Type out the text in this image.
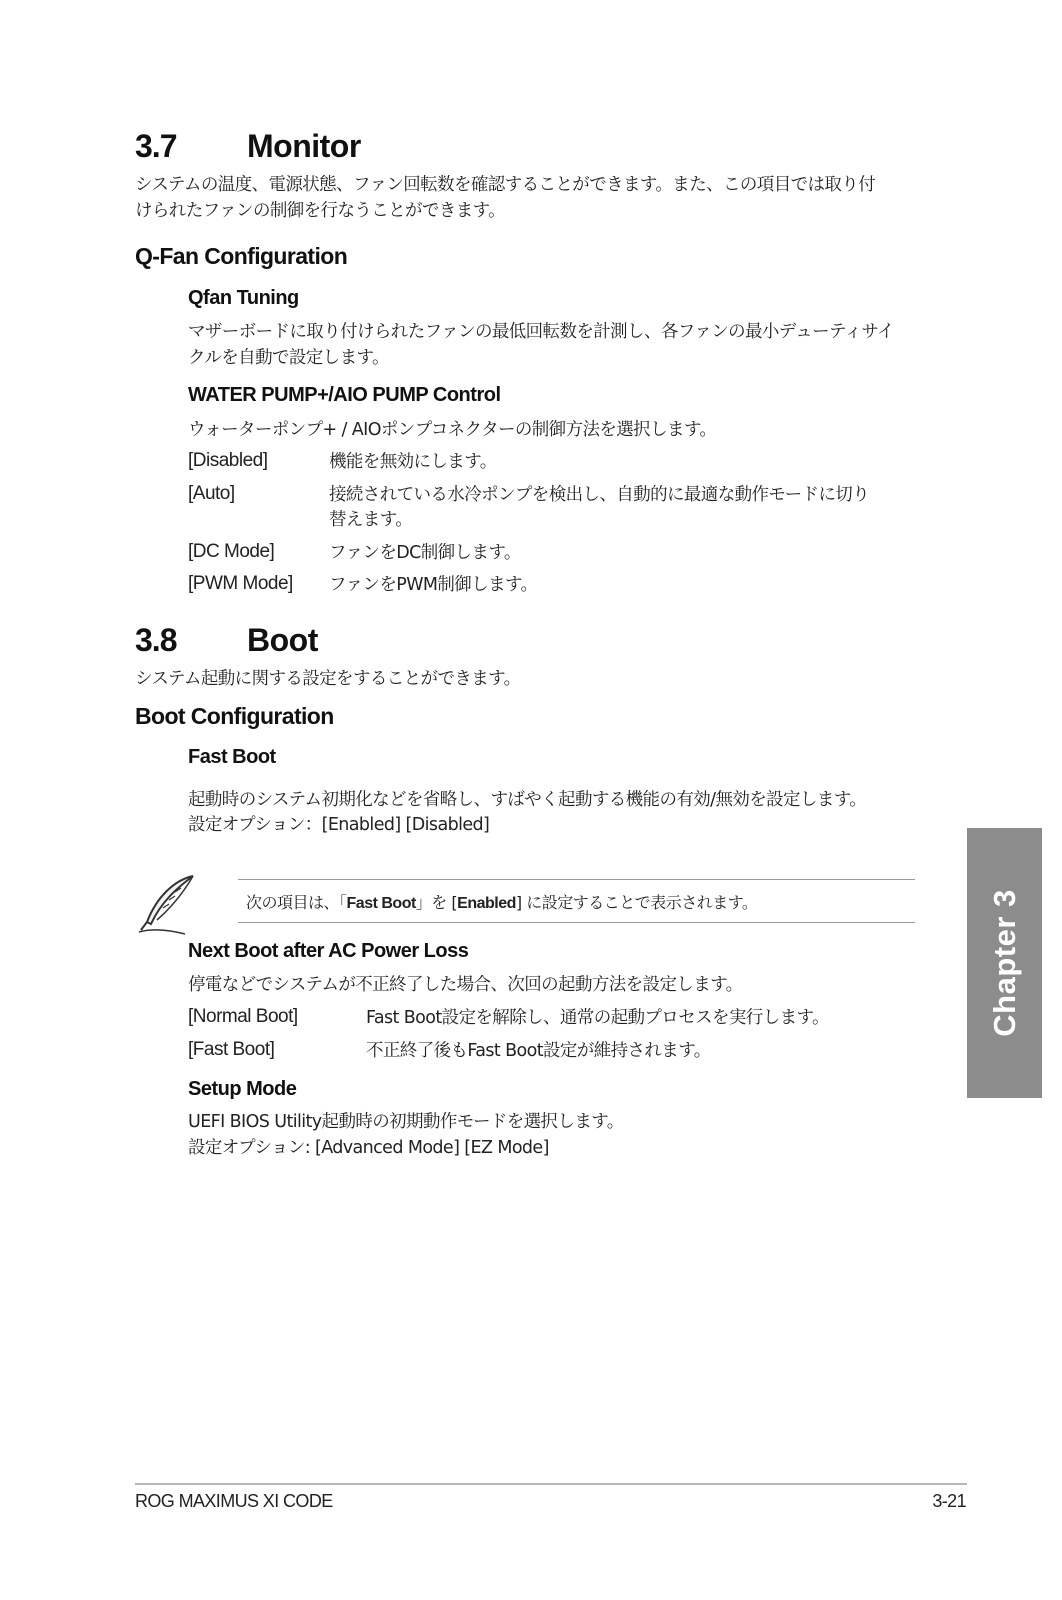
3.7 Monitor
システムの温度、電源状態、ファン回転数を確認することができます。また、この項目では取り付
けられたファンの制御を行なうことができます。
Q-Fan Configuration
Qfan Tuning
マザーボードに取り付けられたファンの最低回転数を計測し、各ファンの最小デューティサイ
クルを自動で設定します。
WATER PUMP+/AIO PUMP Control
ウォーターポンプ+ / AIOポンプコネクターの制御方法を選択します。
[Disabled]	機能を無効にします。
[Auto]	接続されている水冷ポンプを検出し、自動的に最適な動作モードに切り
替えます。
[DC Mode]	ファンをDC制御します。
[PWM Mode] ファンをPWM制御します。
3.8 Boot
システム起動に関する設定をすることができます。
Boot Configuration
Fast Boot
起動時のシステム初期化などを省略し、すばやく起動する機能の有効/無効を設定します。
設定オプション：[Enabled] [Disabled]
次の項目は、「Fast Boot」を [Enabled] に設定することで表示されます。
Next Boot after AC Power Loss
停電などでシステムが不正終了した場合、次回の起動方法を設定します。
[Normal Boot]	Fast Boot設定を解除し、通常の起動プロセスを実行します。
[Fast Boot]	不正終了後もFast Boot設定が維持されます。
Setup Mode
UEFI BIOS Utility起動時の初期動作モードを選択します。
設定オプション: [Advanced Mode] [EZ Mode]
Chapter 3
ROG MAXIMUS XI CODE	3-21
